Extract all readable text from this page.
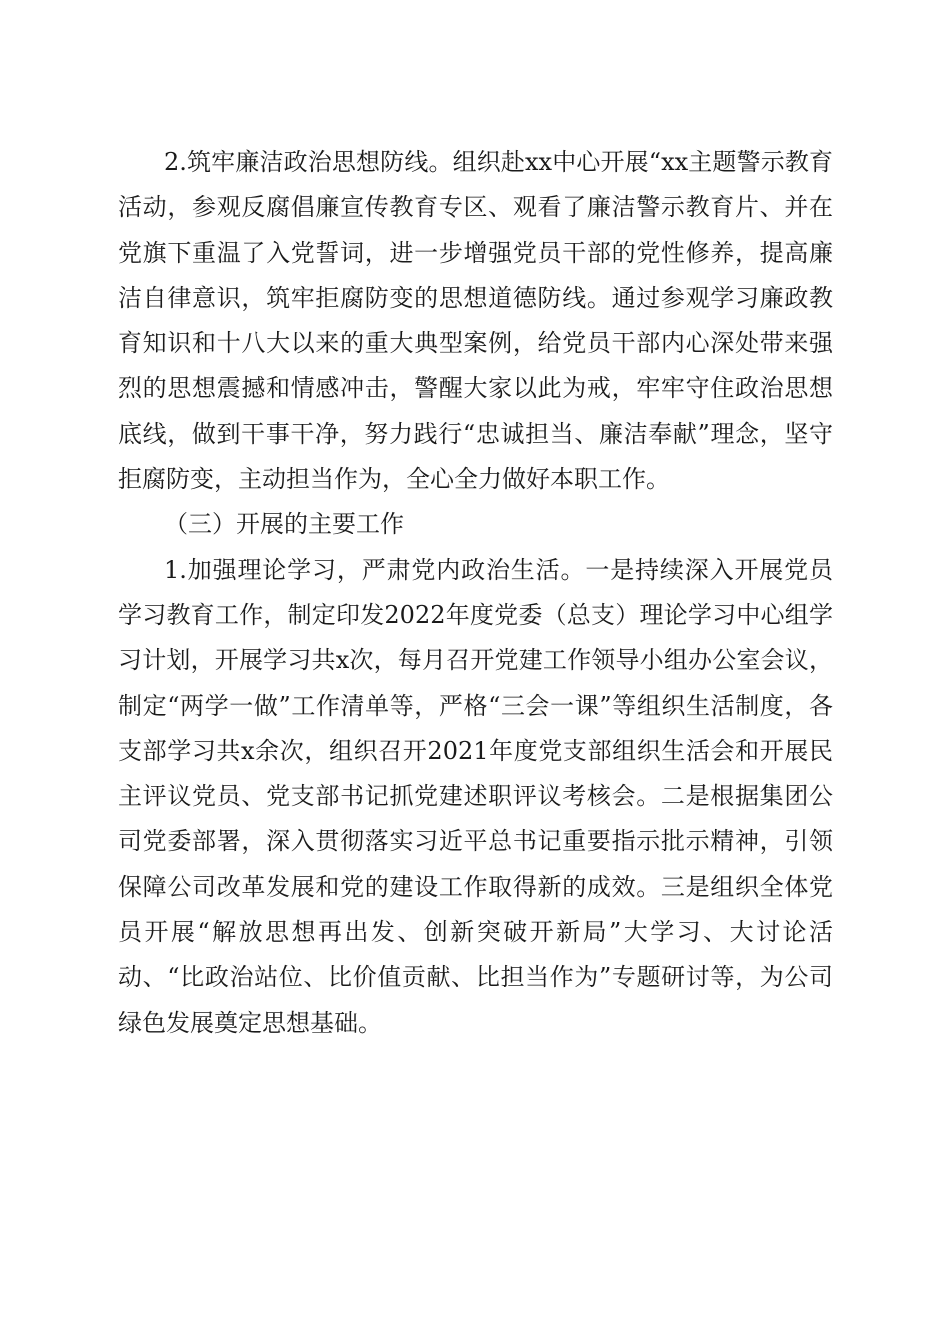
2.筑牢廉洁政治思想防线。组织赴xx中心开展“xx主题警示教育活动，参观反腐倡廉宣传教育专区、观看了廉洁警示教育片、并在党旗下重温了入党誓词，进一步增强党员干部的党性修养，提高廉洁自律意识，筑牢拒腐防变的思想道德防线。通过参观学习廉政教育知识和十八大以来的重大典型案例，给党员干部内心深处带来强烈的思想震撼和情感冲击，警醒大家以此为戒，牢牢守住政治思想底线，做到干事干净，努力践行“忠诚担当、廉洁奉献”理念，坚守拒腐防变，主动担当作为，全心全力做好本职工作。

（三）开展的主要工作

1.加强理论学习，严肃党内政治生活。一是持续深入开展党员学习教育工作，制定印发2022年度党委（总支）理论学习中心组学习计划，开展学习共x次，每月召开党建工作领导小组办公室会议，制定“两学一做”工作清单等，严格“三会一课”等组织生活制度，各支部学习共x余次，组织召开2021年度党支部组织生活会和开展民主评议党员、党支部书记抓党建述职评议考核会。二是根据集团公司党委部署，深入贯彻落实习近平总书记重要指示批示精神，引领保障公司改革发展和党的建设工作取得新的成效。三是组织全体党员开展“解放思想再出发、创新突破开新局”大学习、大讨论活动、“比政治站位、比价值贡献、比担当作为”专题研讨等，为公司绿色发展奠定思想基础。
